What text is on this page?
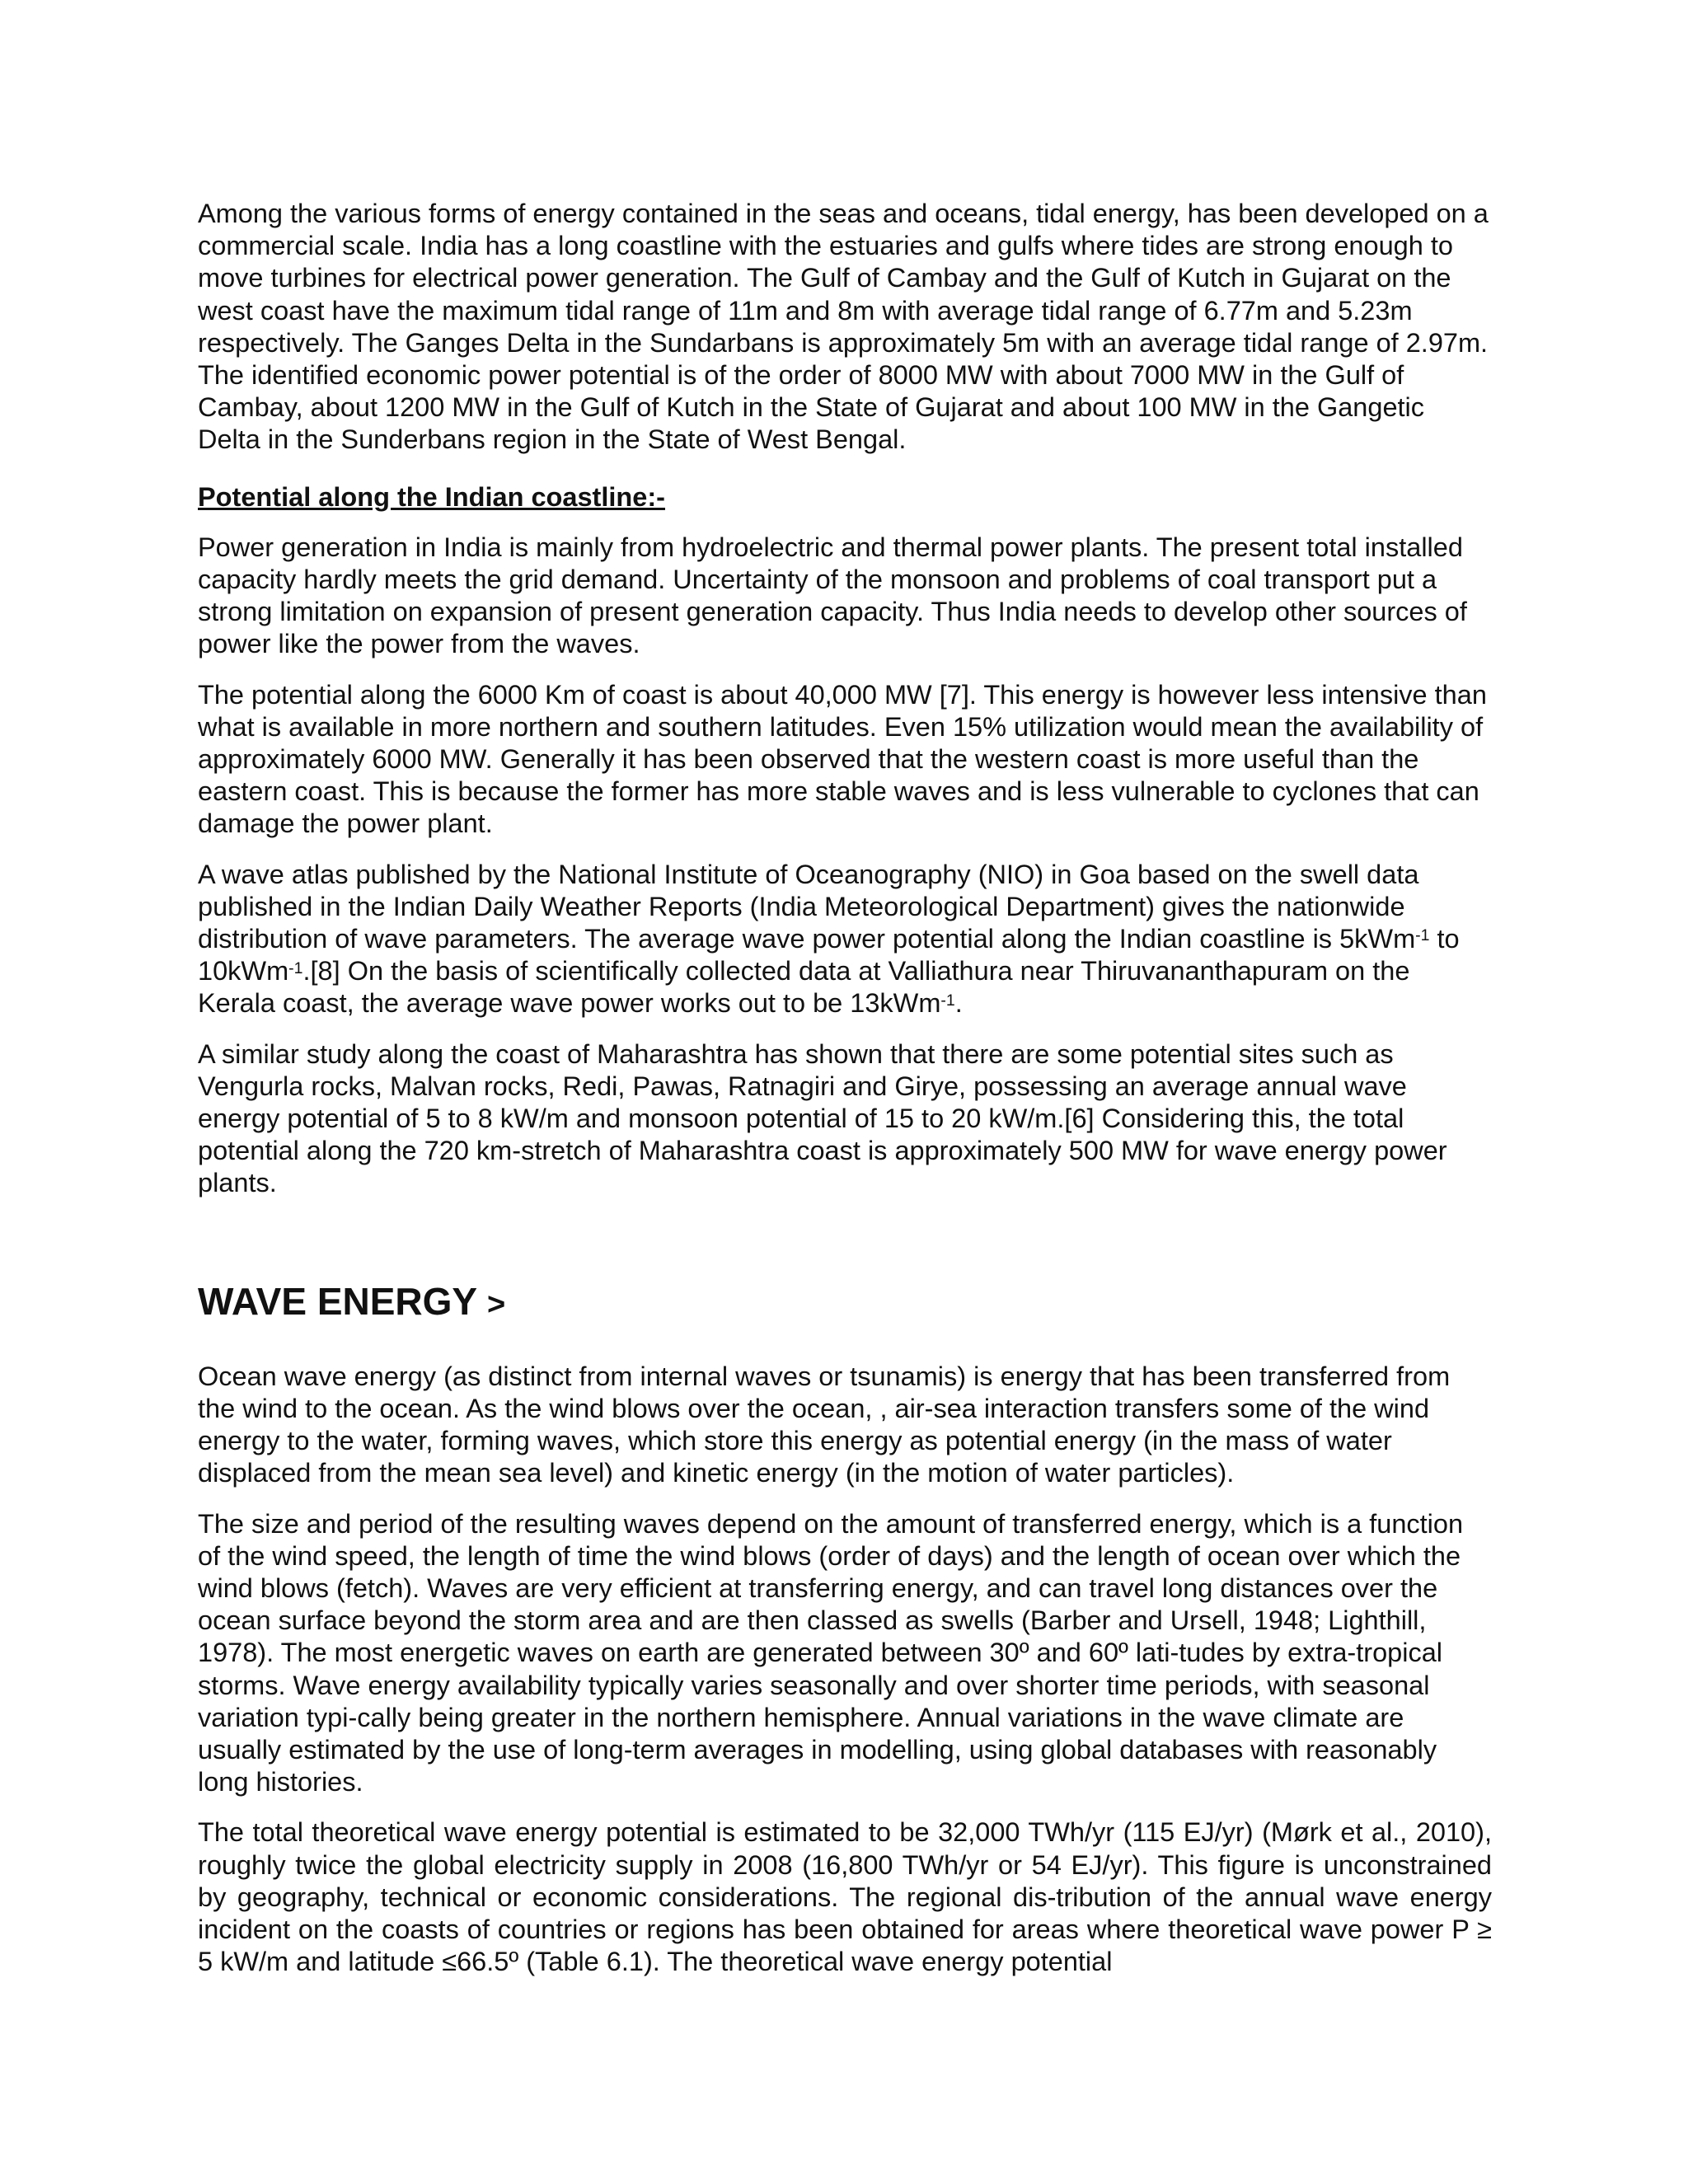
Among the various forms of energy contained in the seas and oceans, tidal energy, has been developed on a commercial scale. India has a long coastline with the estuaries and gulfs where tides are strong enough to move turbines for electrical power generation. The Gulf of Cambay and the Gulf of Kutch in Gujarat on the west coast have the maximum tidal range of 11m and 8m with average tidal range of 6.77m and 5.23m respectively. The Ganges Delta in the Sundarbans is approximately 5m with an average tidal range of 2.97m. The identified economic power potential is of the order of 8000 MW with about 7000 MW in the Gulf of Cambay, about 1200 MW in the Gulf of Kutch in the State of Gujarat and about 100 MW in the Gangetic Delta in the Sunderbans region in the State of West Bengal.

Potential along the Indian coastline:-

Power generation in India is mainly from hydroelectric and thermal power plants. The present total installed capacity hardly meets the grid demand. Uncertainty of the monsoon and problems of coal transport put a strong limitation on expansion of present generation capacity. Thus India needs to develop other sources of power like the power from the waves.

The potential along the 6000 Km of coast is about 40,000 MW [7]. This energy is however less intensive than what is available in more northern and southern latitudes. Even 15% utilization would mean the availability of approximately 6000 MW. Generally it has been observed that the western coast is more useful than the eastern coast. This is because the former has more stable waves and is less vulnerable to cyclones that can damage the power plant.

A wave atlas published by the National Institute of Oceanography (NIO) in Goa based on the swell data published in the Indian Daily Weather Reports (India Meteorological Department) gives the nationwide distribution of wave parameters. The average wave power potential along the Indian coastline is 5kWm$^{-1}$ to 10kWm$^{-1}$.[8] On the basis of scientifically collected data at Valliathura near Thiruvananthapuram on the Kerala coast, the average wave power works out to be 13kWm$^{-1}$.

A similar study along the coast of Maharashtra has shown that there are some potential sites such as Vengurla rocks, Malvan rocks, Redi, Pawas, Ratnagiri and Girye, possessing an average annual wave energy potential of 5 to 8 kW/m and monsoon potential of 15 to 20 kW/m.[6] Considering this, the total potential along the 720 km-stretch of Maharashtra coast is approximately 500 MW for wave energy power plants.

WAVE ENERGY >

Ocean wave energy (as distinct from internal waves or tsunamis) is energy that has been transferred from the wind to the ocean. As the wind blows over the ocean, , air-sea interaction transfers some of the wind energy to the water, forming waves, which store this energy as potential energy (in the mass of water displaced from the mean sea level) and kinetic energy (in the motion of water particles).

The size and period of the resulting waves depend on the amount of transferred energy, which is a function of the wind speed, the length of time the wind blows (order of days) and the length of ocean over which the wind blows (fetch). Waves are very efficient at transferring energy, and can travel long distances over the ocean surface beyond the storm area and are then classed as swells (Barber and Ursell, 1948; Lighthill, 1978). The most energetic waves on earth are generated between 30º and 60º lati-tudes by extra-tropical storms. Wave energy availability typically varies seasonally and over shorter time periods, with seasonal variation typi-cally being greater in the northern hemisphere. Annual variations in the wave climate are usually estimated by the use of long-term averages in modelling, using global databases with reasonably long histories.

The total theoretical wave energy potential is estimated to be 32,000 TWh/yr (115 EJ/yr) (Mørk et al., 2010), roughly twice the global electricity supply in 2008 (16,800 TWh/yr or 54 EJ/yr). This figure is unconstrained by geography, technical or economic considerations. The regional dis-tribution of the annual wave energy incident on the coasts of countries or regions has been obtained for areas where theoretical wave power P ≥ 5 kW/m and latitude ≤66.5º (Table 6.1). The theoretical wave energy potential
